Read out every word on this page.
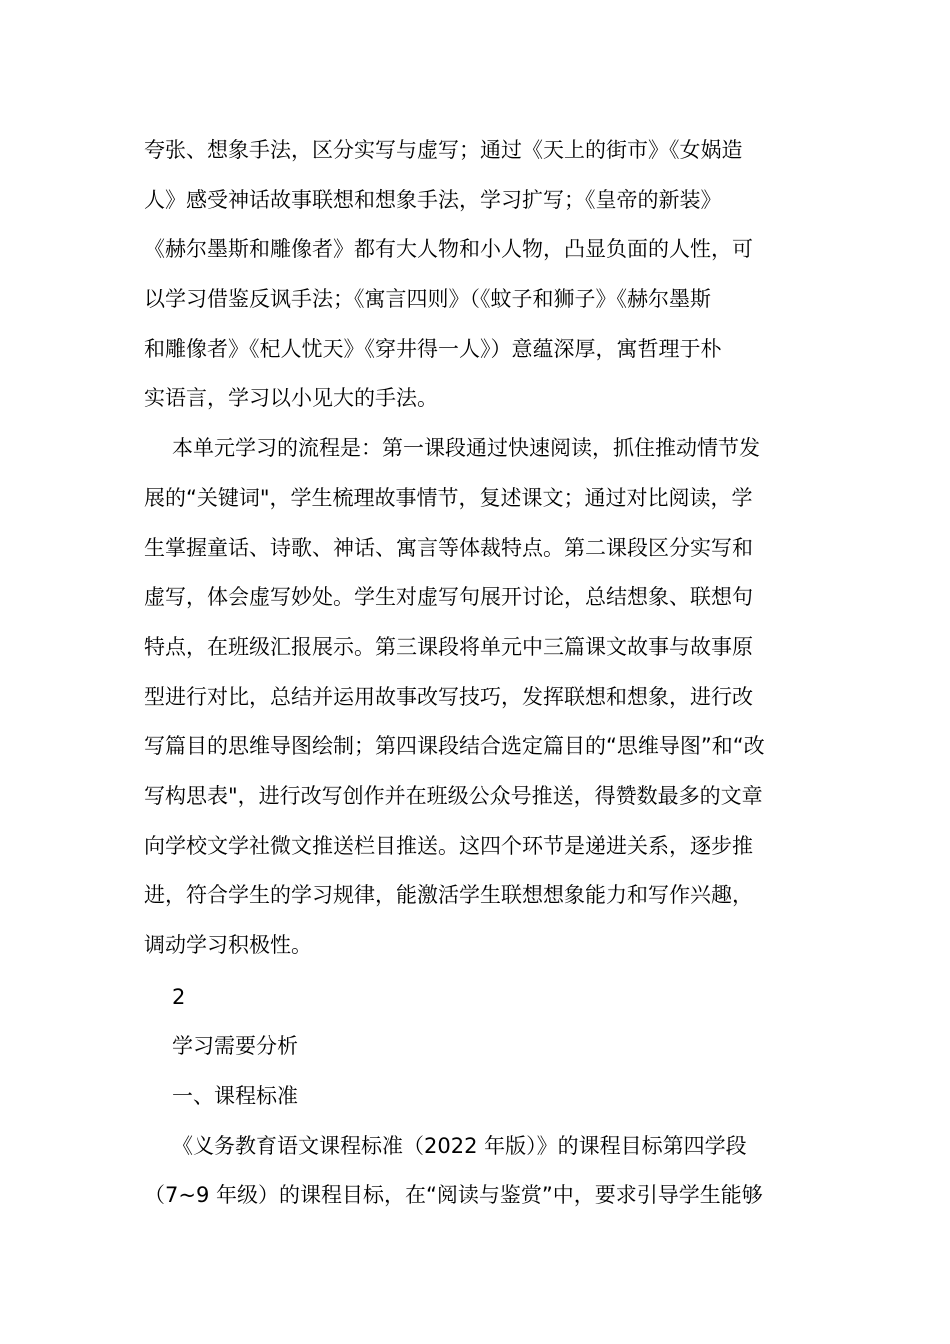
夸张、想象手法，区分实写与虚写；通过《天上的街市》《女娲造
人》感受神话故事联想和想象手法，学习扩写；《皇帝的新装》
《赫尔墨斯和雕像者》都有大人物和小人物，凸显负面的人性，可
以学习借鉴反讽手法；《寓言四则》（《蚊子和狮子》《赫尔墨斯
和雕像者》《杞人忧天》《穿井得一人》）意蕴深厚，寓哲理于朴
实语言，学习以小见大的手法。
本单元学习的流程是：第一课段通过快速阅读，抓住推动情节发
展的“关键词"，学生梳理故事情节，复述课文；通过对比阅读，学
生掌握童话、诗歌、神话、寓言等体裁特点。第二课段区分实写和
虚写，体会虚写妙处。学生对虚写句展开讨论，总结想象、联想句
特点，在班级汇报展示。第三课段将单元中三篇课文故事与故事原
型进行对比，总结并运用故事改写技巧，发挥联想和想象，进行改
写篇目的思维导图绘制；第四课段结合选定篇目的“思维导图”和“改
写构思表"，进行改写创作并在班级公众号推送，得赞数最多的文章
向学校文学社微文推送栏目推送。这四个环节是递进关系，逐步推
进，符合学生的学习规律，能激活学生联想想象能力和写作兴趣，
调动学习积极性。
2
学习需要分析
一、课程标准
《义务教育语文课程标准（2022 年版）》的课程目标第四学段
（7~9 年级）的课程目标，在“阅读与鉴赏”中，要求引导学生能够
